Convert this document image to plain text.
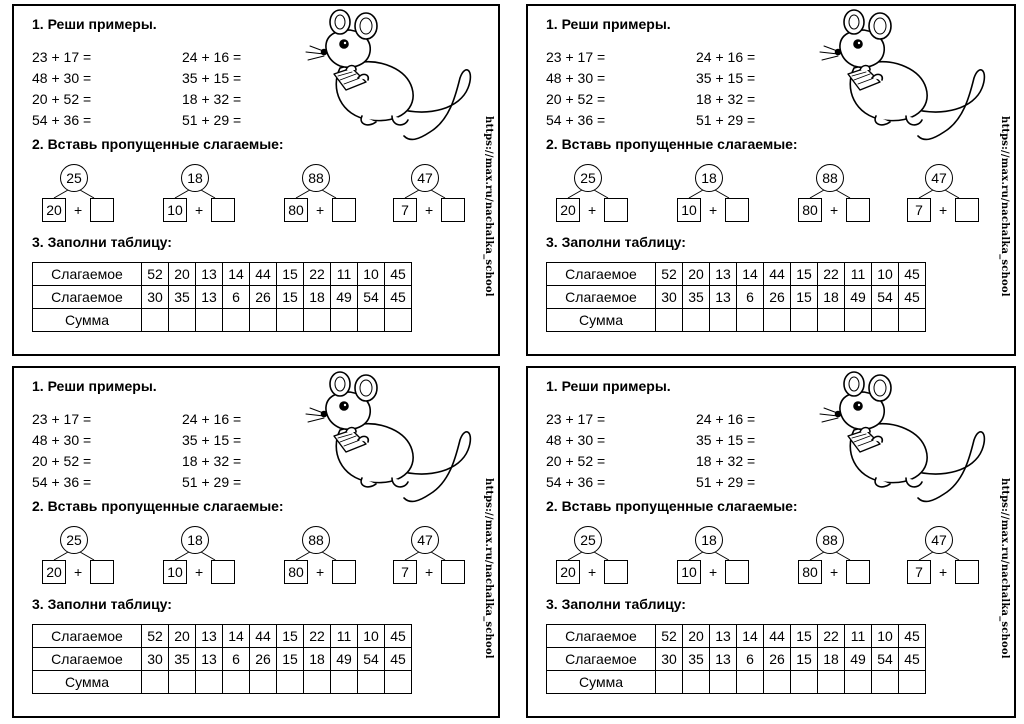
1. Реши примеры.
23 + 17 =
48 + 30 =
20 + 52 =
54 + 36 =
24 + 16 =
35 + 15 =
18 + 32 =
51 + 29 =	https://max.ru/nachalka_school
2. Вставь пропущенные слагаемые:
25
20 +
18
10 +
88
80 +
47
7	+
3. Заполни таблицу:
Слагаемое	52	20	13	14	44	15	22	11	10	45
Слагаемое	30	35	13	6	26	15	18	49	54	45
Сумма										
1. Реши примеры.
23 + 17 =
48 + 30 =
20 + 52 =
54 + 36 =
24 + 16 =
35 + 15 =
18 + 32 =
51 + 29 =	https://max.ru/nachalka_school
2. Вставь пропущенные слагаемые:
25
20 +
18
10 +
88
80 +
47
7	+
3. Заполни таблицу:
Слагаемое	52	20	13	14	44	15	22	11	10	45
Слагаемое	30	35	13	6	26	15	18	49	54	45
Сумма										
1. Реши примеры.
23 + 17 =
48 + 30 =
20 + 52 =
54 + 36 =
24 + 16 =
35 + 15 =
18 + 32 =
51 + 29 =	https://max.ru/nachalka_school
2. Вставь пропущенные слагаемые:
25
20 +
18
10 +
88
80 +
47
7	+
3. Заполни таблицу:
Слагаемое	52	20	13	14	44	15	22	11	10	45
Слагаемое	30	35	13	6	26	15	18	49	54	45
Сумма										
1. Реши примеры.
23 + 17 =
48 + 30 =
20 + 52 =
54 + 36 =
24 + 16 =
35 + 15 =
18 + 32 =
51 + 29 =	https://max.ru/nachalka_school
2. Вставь пропущенные слагаемые:
25
20 +
18
10 +
88
80 +
47
7	+
3. Заполни таблицу:
Слагаемое	52	20	13	14	44	15	22	11	10	45
Слагаемое	30	35	13	6	26	15	18	49	54	45
Сумма										
